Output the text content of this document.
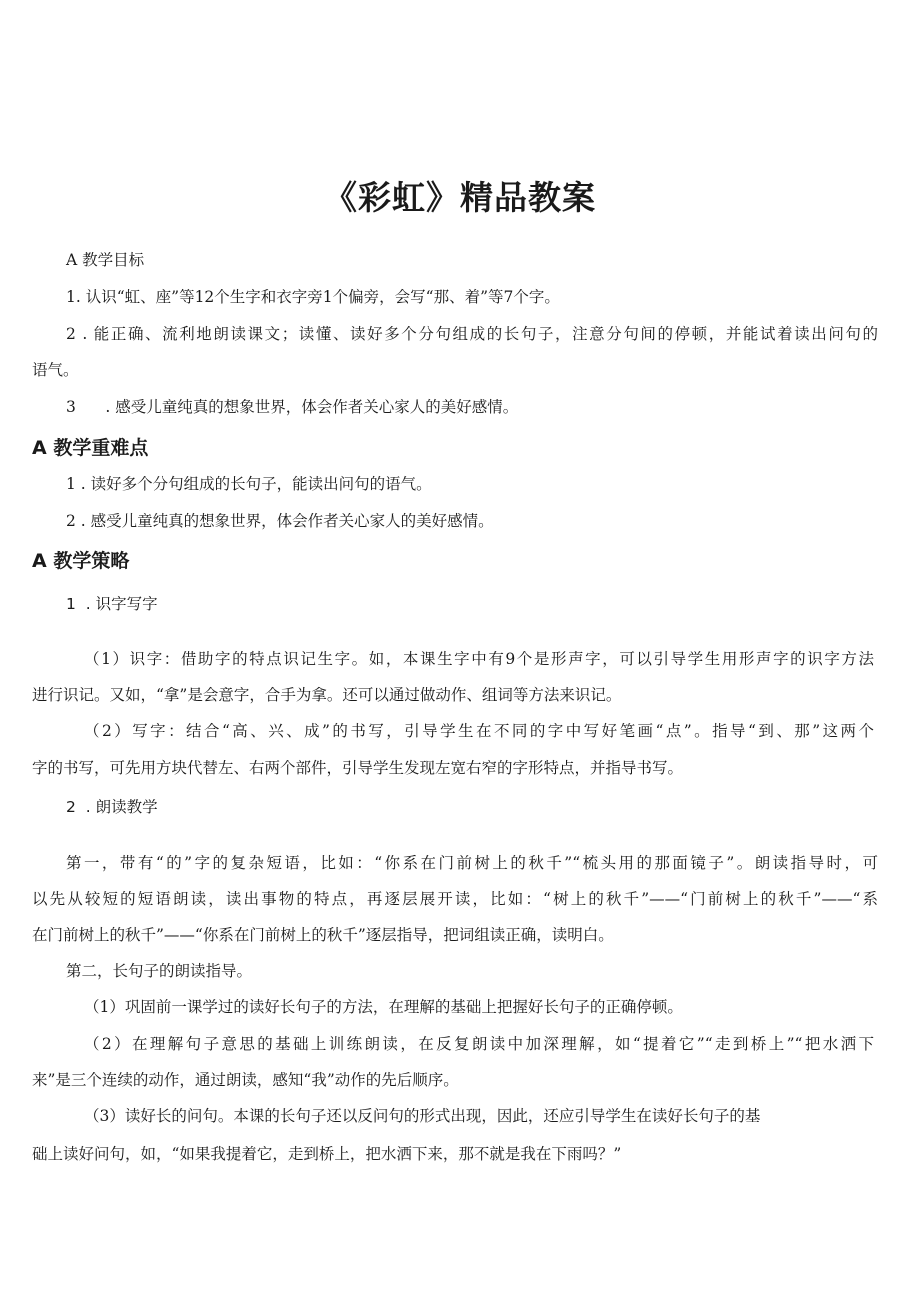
《彩虹》精品教案
A 教学目标
1. 认识“虹、座”等12个生字和衣字旁1个偏旁，会写“那、着”等7个字。
2 . 能正确、流利地朗读课文；读懂、读好多个分句组成的长句子，注意分句间的停顿，并能试着读出问句的
语气。
3      . 感受儿童纯真的想象世界，体会作者关心家人的美好感情。
A 教学重难点
1 . 读好多个分句组成的长句子，能读出问句的语气。
2 . 感受儿童纯真的想象世界，体会作者关心家人的美好感情。
A 教学策略
1  . 识字写字
（1）识字：借助字的特点识记生字。如，本课生字中有9个是形声字，可以引导学生用形声字的识字方法
进行识记。又如，“拿”是会意字，合手为拿。还可以通过做动作、组词等方法来识记。
（2）写字：结合“高、兴、成”的书写，引导学生在不同的字中写好笔画“点”。指导“到、那”这两个
字的书写，可先用方块代替左、右两个部件，引导学生发现左宽右窄的字形特点，并指导书写。
2  . 朗读教学
第一，带有“的”字的复杂短语，比如：“你系在门前树上的秋千”“梳头用的那面镜子”。朗读指导时，可
以先从较短的短语朗读，读出事物的特点，再逐层展开读，比如：“树上的秋千”——“门前树上的秋千”——“系
在门前树上的秋千”——“你系在门前树上的秋千”逐层指导，把词组读正确，读明白。
第二，长句子的朗读指导。
（1）巩固前一课学过的读好长句子的方法，在理解的基础上把握好长句子的正确停顿。
（2）在理解句子意思的基础上训练朗读，在反复朗读中加深理解，如“提着它”“走到桥上”“把水洒下
来”是三个连续的动作，通过朗读，感知“我”动作的先后顺序。
（3）读好长的问句。本课的长句子还以反问句的形式出现，因此，还应引导学生在读好长句子的基
础上读好问句，如，“如果我提着它，走到桥上，把水洒下来，那不就是我在下雨吗？”
